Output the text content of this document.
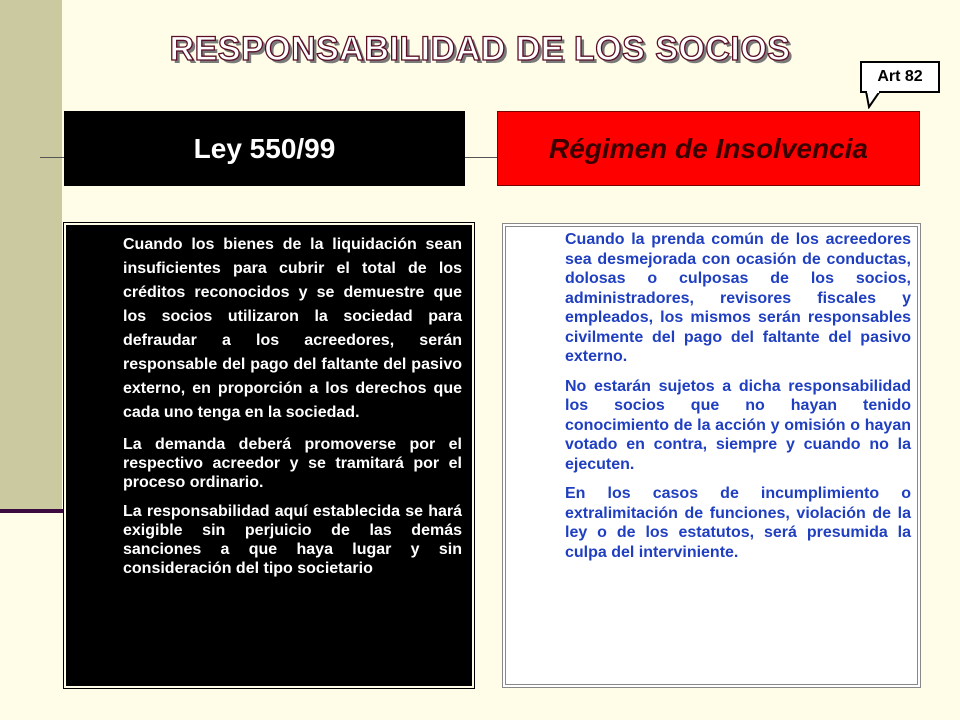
RESPONSABILIDAD DE LOS SOCIOS
Art 82
Ley 550/99	Régimen de Insolvencia

Cuando los bienes de la liquidación sean insuficientes para cubrir el total de los créditos reconocidos y se demuestre que los socios utilizaron la sociedad para defraudar a los acreedores, serán responsable del pago del faltante del pasivo externo, en proporción a los derechos que cada uno tenga en la sociedad.

La demanda deberá promoverse por el respectivo acreedor y se tramitará por el proceso ordinario.

La responsabilidad aquí establecida se hará exigible sin perjuicio de las demás sanciones a que haya lugar y sin consideración del tipo societario

Cuando la prenda común de los acreedores sea desmejorada con ocasión de conductas, dolosas o culposas de los socios, administradores, revisores fiscales y empleados, los mismos serán responsables civilmente del pago del faltante del pasivo externo.

No estarán sujetos a dicha responsabilidad los socios que no hayan tenido conocimiento de la acción y omisión o hayan votado en contra, siempre y cuando no la ejecuten.

En los casos de incumplimiento o extralimitación de funciones, violación de la ley o de los estatutos, será presumida la culpa del interviniente.
